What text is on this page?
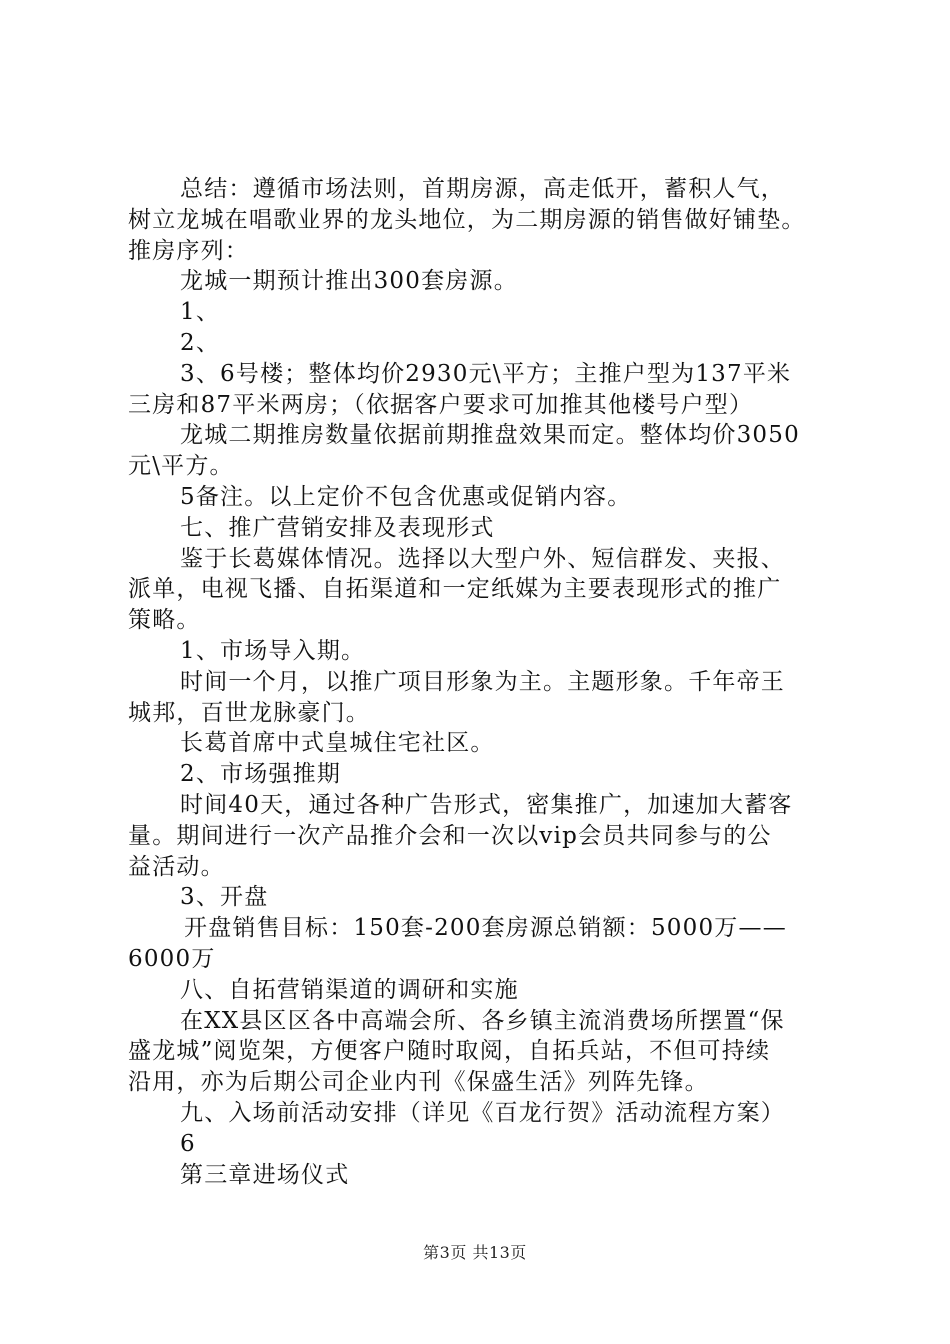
总结：遵循市场法则，首期房源，高走低开，蓄积人气，
树立龙城在唱歌业界的龙头地位，为二期房源的销售做好铺垫。
推房序列：
龙城一期预计推出300套房源。
1、
2、
3、6号楼；整体均价2930元\平方；主推户型为137平米
三房和87平米两房；（依据客户要求可加推其他楼号户型）
龙城二期推房数量依据前期推盘效果而定。整体均价3050
元\平方。
5备注。以上定价不包含优惠或促销内容。
七、推广营销安排及表现形式
鉴于长葛媒体情况。选择以大型户外、短信群发、夹报、
派单，电视飞播、自拓渠道和一定纸媒为主要表现形式的推广
策略。
1、市场导入期。
时间一个月，以推广项目形象为主。主题形象。千年帝王
城邦，百世龙脉豪门。
长葛首席中式皇城住宅社区。
2、市场强推期
时间40天，通过各种广告形式，密集推广，加速加大蓄客
量。期间进行一次产品推介会和一次以vip会员共同参与的公
益活动。
3、开盘
开盘销售目标：150套-200套房源总销额：5000万——
6000万
八、自拓营销渠道的调研和实施
在XX县区区各中高端会所、各乡镇主流消费场所摆置“保
盛龙城”阅览架，方便客户随时取阅，自拓兵站，不但可持续
沿用，亦为后期公司企业内刊《保盛生活》列阵先锋。
九、入场前活动安排（详见《百龙行贺》活动流程方案）
6
第三章进场仪式
第3页 共13页
